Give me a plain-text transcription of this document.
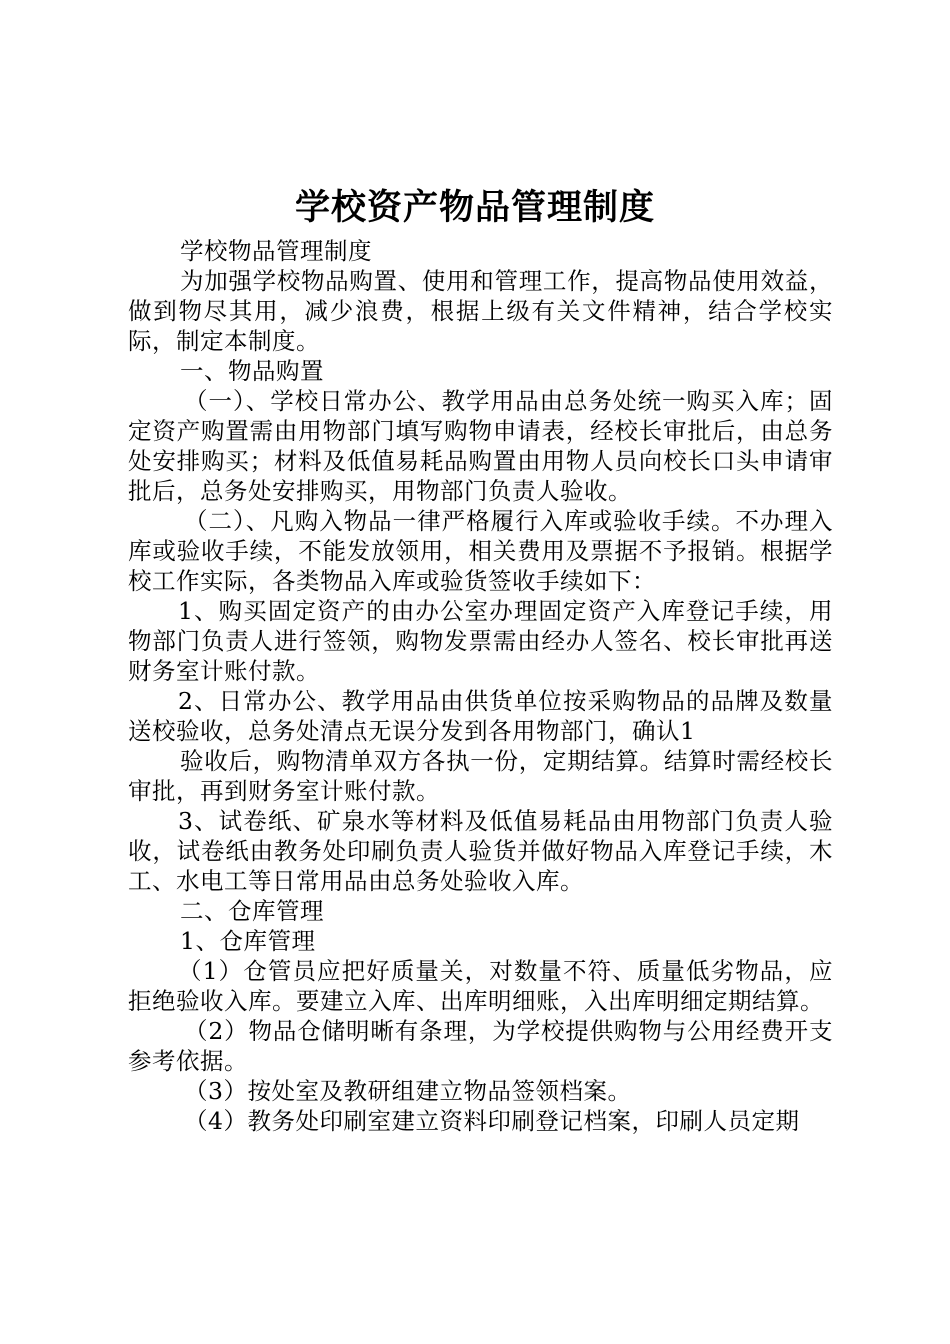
学校资产物品管理制度

学校物品管理制度

为加强学校物品购置、使用和管理工作，提高物品使用效益，做到物尽其用，减少浪费，根据上级有关文件精神，结合学校实际，制定本制度。

一、物品购置

（一）、学校日常办公、教学用品由总务处统一购买入库；固定资产购置需由用物部门填写购物申请表，经校长审批后，由总务处安排购买；材料及低值易耗品购置由用物人员向校长口头申请审批后，总务处安排购买，用物部门负责人验收。

（二）、凡购入物品一律严格履行入库或验收手续。不办理入库或验收手续，不能发放领用，相关费用及票据不予报销。根据学校工作实际，各类物品入库或验货签收手续如下：

1、购买固定资产的由办公室办理固定资产入库登记手续，用物部门负责人进行签领，购物发票需由经办人签名、校长审批再送财务室计账付款。

2、日常办公、教学用品由供货单位按采购物品的品牌及数量送校验收，总务处清点无误分发到各用物部门，确认1

验收后，购物清单双方各执一份，定期结算。结算时需经校长审批，再到财务室计账付款。

3、试卷纸、矿泉水等材料及低值易耗品由用物部门负责人验收，试卷纸由教务处印刷负责人验货并做好物品入库登记手续，木工、水电工等日常用品由总务处验收入库。

二、仓库管理

1、仓库管理

（1）仓管员应把好质量关，对数量不符、质量低劣物品，应拒绝验收入库。要建立入库、出库明细账，入出库明细定期结算。

（2）物品仓储明晰有条理，为学校提供购物与公用经费开支参考依据。

（3）按处室及教研组建立物品签领档案。

（4）教务处印刷室建立资料印刷登记档案，印刷人员定期
